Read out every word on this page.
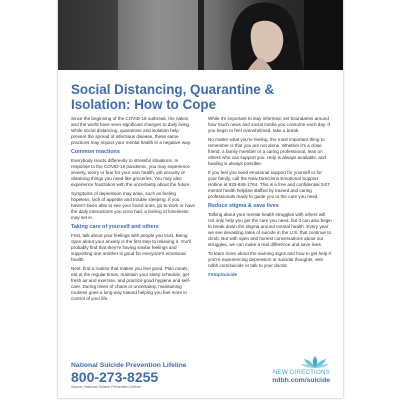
Social Distancing, Quarantine & Isolation: How to Cope

Since the beginning of the COVID-19 outbreak, the nation and the world have seen significant changes to daily living. While social distancing, quarantine and isolation help prevent the spread of infectious disease, these same practices may impact your mental health in a negative way.

Common reactions

Everybody reacts differently to stressful situations. In response to the COVID-19 pandemic, you may experience anxiety, worry or fear for your own health, job security or obtaining things you need like groceries. You may also experience frustration with the uncertainty about the future.

Symptoms of depression may arise, such as feeling hopeless, lack of appetite and trouble sleeping. If you haven't been able to see your loved ones, go to work or have the daily interactions you once had, a feeling of loneliness may set in.

Taking care of yourself and others

First, talk about your feelings with people you trust. Being open about your anxiety is the first step to relieving it. You'll probably find that they're having similar feelings and supporting one another is good for everyone's emotional health.

Next, find a routine that makes you feel good. Plan meals, eat at the regular times, maintain your sleep schedule, get fresh air and exercise, and practice good hygiene and self-care. During times of chaos or uncertainty, maintaining routines goes a long way toward helping you feel more in control of your life.

While it's important to stay informed, set boundaries around how much news and social media you consume each day. If you begin to feel overwhelmed, take a break.

No matter what you're feeling, the most important thing to remember is that you are not alone. Whether it's a close friend, a family member or a caring professional, lean on others who can support you. Help is always available, and healing is always possible.

If you feel you need emotional support for yourself or for your family, call the New Directions Emotional Support Hotline at 833-848-1764. This is a free and confidential 24/7 mental health helpline staffed by trained and caring professionals ready to guide you to the care you need.

Reduce stigma & save lives

Talking about your mental health struggles with others will not only help you get the care you need, but it can also begin to break down the stigma around mental health. Every year we see devasting rates of suicide in the U.S. that continue to climb. But with open and honest conversations about our struggles, we can make a real difference and save lives.

To learn more about the warning signs and how to get help if you're experiencing depression or suicidal thoughts, visit ndbh.com/suicide or talk to your doctor.

#StopSuicide

National Suicide Prevention Lifeline
800-273-8255
Source: National Suicide Prevention Lifeline
NEW DIRECTIONS
ndbh.com/suicide
